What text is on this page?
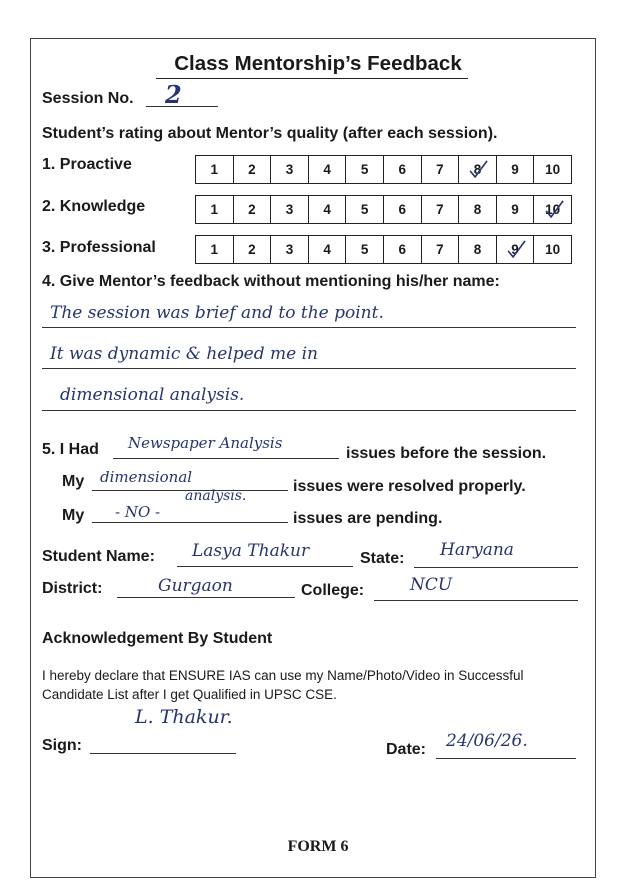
Class Mentorship’s Feedback
Session No. 2
Student’s rating about Mentor’s quality (after each session).
1. Proactive	1 2 3 4 5 6 7 8 9 10
2. Knowledge	1 2 3 4 5 6 7 8 9 10
3. Professional	1 2 3 4 5 6 7 8 9 10
4. Give Mentor’s feedback without mentioning his/her name:
The session was brief and to the point.
It was dynamic & helped me in
dimensional analysis.
5. I Had Newspaper Analysis
issues before the session.
My dimensional
issues were resolved properly.
analysis.
My - NO -	issues are pending.
Student Name: Lasya Thakur	State: Haryana
District:	Gurgaon	College:	NCU
Acknowledgement By Student
I hereby declare that ENSURE IAS can use my Name/Photo/Video in Successful
Candidate List after I get Qualified in UPSC CSE.
Sign:
L. Thakur.
Date: 24/06/26.
FORM 6
